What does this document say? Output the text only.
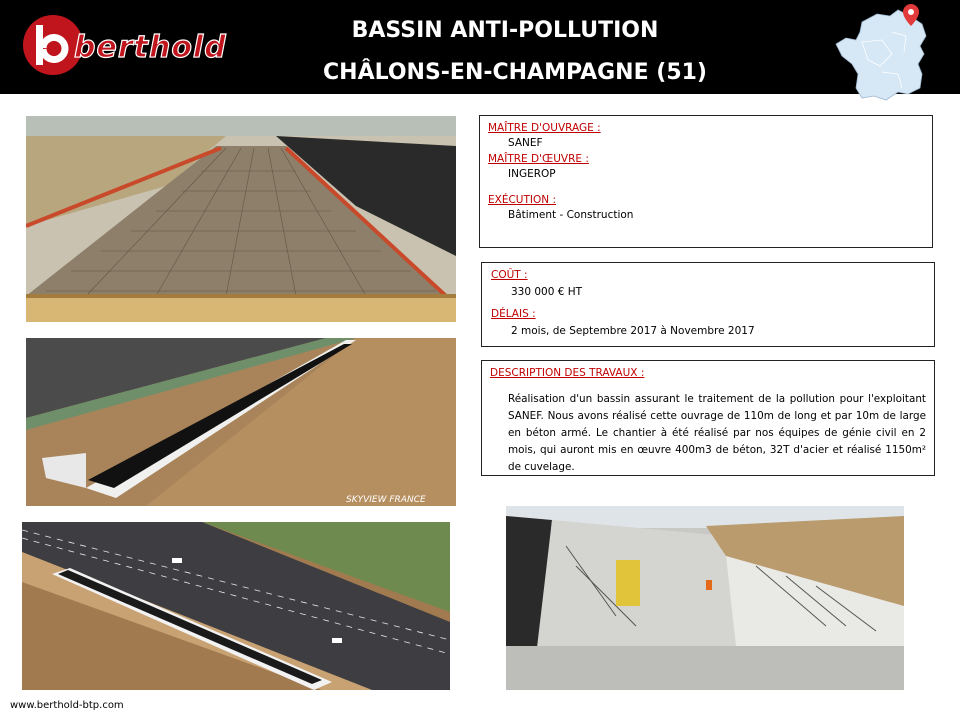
berthold	BASSIN ANTI-POLLUTION
CHÂLONS-EN-CHAMPAGNE (51)
SKYVIEW FRANCE
MAÎTRE D'OUVRAGE :
SANEF
MAÎTRE D'ŒUVRE :
INGEROP
EXÉCUTION :
Bâtiment - Construction
COÛT :
330 000 € HT
DÉLAIS :
2 mois, de Septembre 2017 à Novembre 2017
DESCRIPTION DES TRAVAUX :
Réalisation d'un bassin assurant le traitement de la pollution pour l'exploitant SANEF. Nous avons réalisé cette ouvrage de 110m de long et par 10m de large en béton armé. Le chantier à été réalisé par nos équipes de génie civil en 2 mois, qui auront mis en œuvre 400m3 de béton, 32T d'acier et réalisé 1150m² de cuvelage.
www.berthold-btp.com
